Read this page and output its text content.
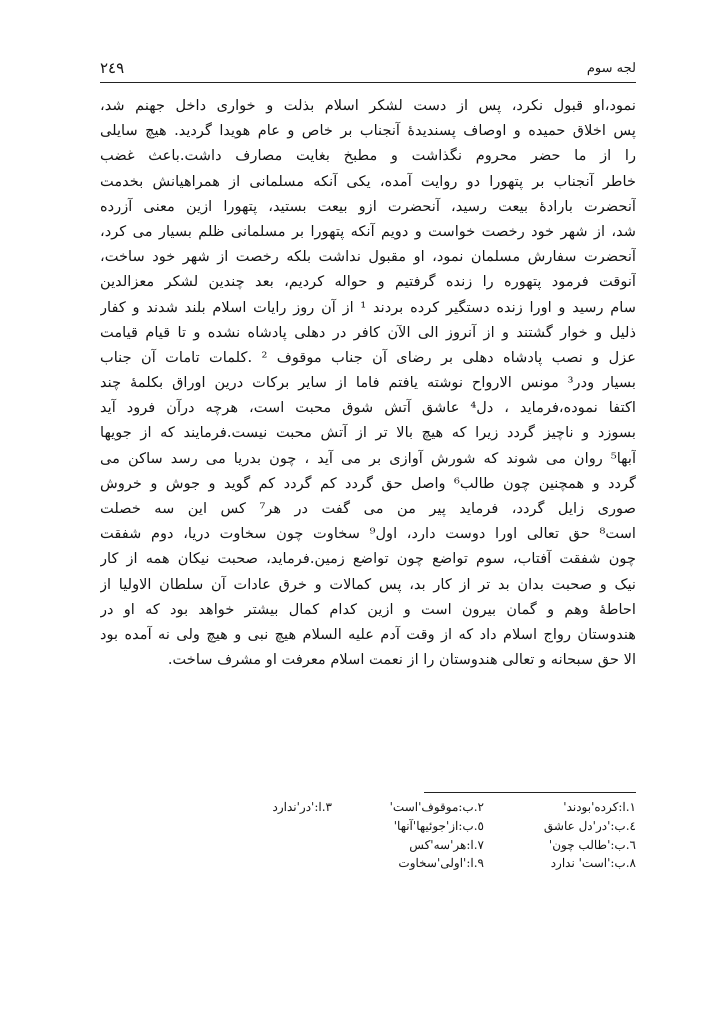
٢٤٩	لجه سوم
نمود،او قبول نکرد، پس از دست لشکر اسلام بذلت و خواری داخل جهنم شد،
پس اخلاق حمیده و اوصاف پسندیدهٔ آنجناب بر خاص و عام هویدا گردید. هیچ سایلی
را از ما حضر محروم نگذاشت و مطبخ بغایت مصارف داشت.باعث غضب
خاطر آنجناب بر پتهورا دو روایت آمده، یکی آنکه مسلمانی از همراهیانش بخدمت
آنحضرت بارادهٔ بیعت رسید، آنحضرت ازو بیعت بستید، پتهورا ازین معنی آزرده
شد، از شهر خود رخصت خواست و دویم آنکه پتهورا بر مسلمانی ظلم بسیار می کرد،
آنحضرت سفارش مسلمان نمود، او مقبول نداشت بلکه رخصت از شهر خود ساخت،
آنوقت فرمود پتهوره را زنده گرفتیم و حواله کردیم، بعد چندین لشکر معزالدین
سام رسید و اورا زنده دستگیر کرده بردند ¹ از آن روز رایات اسلام بلند شدند و کفار
ذلیل و خوار گشتند و از آنروز الی الآن کافر در دهلی پادشاه نشده و تا قیام قیامت
عزل و نصب پادشاه دهلی بر رضای آن جناب موقوف ² .کلمات تامات آن جناب
بسیار ودر³ مونس الارواح نوشته یافتم فاما از سایر برکات درین اوراق بکلمهٔ چند
اکتفا نموده،فرماید ، دل⁴ عاشق آتش شوق محبت است، هرچه درآن فرود آید
بسوزد و ناچیز گردد زیرا که هیچ بالا تر از آتش محبت نیست.فرمایند که از جویها
آبها⁵ روان می شوند که شورش آوازی بر می آید ، چون بدریا می رسد ساکن می
گردد و همچنین چون طالب⁶ واصل حق گردد کم گردد کم گوید و جوش و خروش
صوری زایل گردد، فرماید پیر من می گفت در هر⁷ کس این سه خصلت
است⁸ حق تعالی اورا دوست دارد، اول⁹ سخاوت چون سخاوت دریا، دوم شفقت
چون شفقت آفتاب، سوم تواضع چون تواضع زمین.فرماید، صحبت نیکان همه از کار
نیک و صحبت بدان بد تر از کار بد، پس کمالات و خرق عادات آن سلطان الاولیا از
احاطهٔ وهم و گمان بیرون است و ازین کدام کمال بیشتر خواهد بود که او در
هندوستان رواج اسلام داد که از وقت آدم علیه السلام هیچ نبی و هیچ ولی نه آمده بود
الا حق سبحانه و تعالی هندوستان را از نعمت اسلام معرفت او مشرف ساخت.
١.ا:کرده‌'بودند'
٢.ب:موقوف'است'
٣.ا:'در'ندارد
٤.ب:'در'دل عاشق
٥.ب:از'جوئیها'آنها'
٦.ب:'طالب چون'
٧.ا:هر'سه'کس
٨.ب:'است' ندارد
٩.ا:'اولی'سخاوت
